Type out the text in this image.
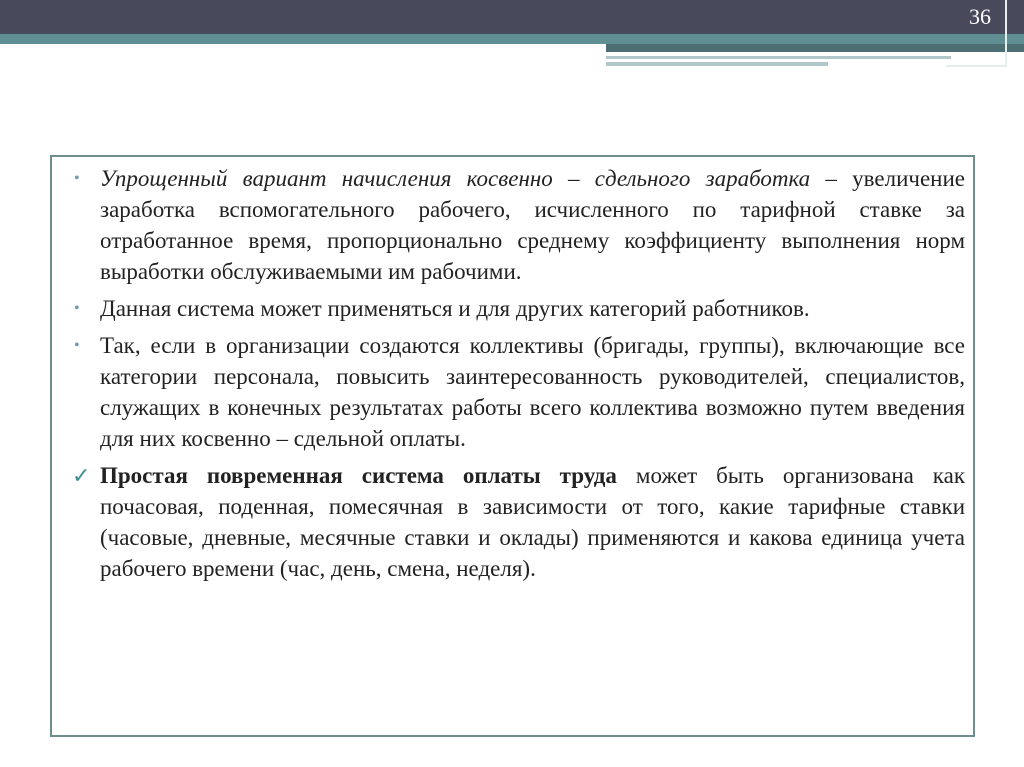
36
• Упрощенный вариант начисления косвенно – сдельного заработка – увеличение заработка вспомогательного рабочего, исчисленного по тарифной ставке за отработанное время, пропорционально среднему коэффициенту выполнения норм выработки обслуживаемыми им рабочими.
• Данная система может применяться и для других категорий работников.
• Так, если в организации создаются коллективы (бригады, группы), включающие все категории персонала, повысить заинтересованность руководителей, специалистов, служащих в конечных результатах работы всего коллектива возможно путем введения для них косвенно – сдельной оплаты.
✓ Простая повременная система оплаты труда может быть организована как почасовая, поденная, помесячная в зависимости от того, какие тарифные ставки (часовые, дневные, месячные ставки и оклады) применяются и какова единица учета рабочего времени (час, день, смена, неделя).
